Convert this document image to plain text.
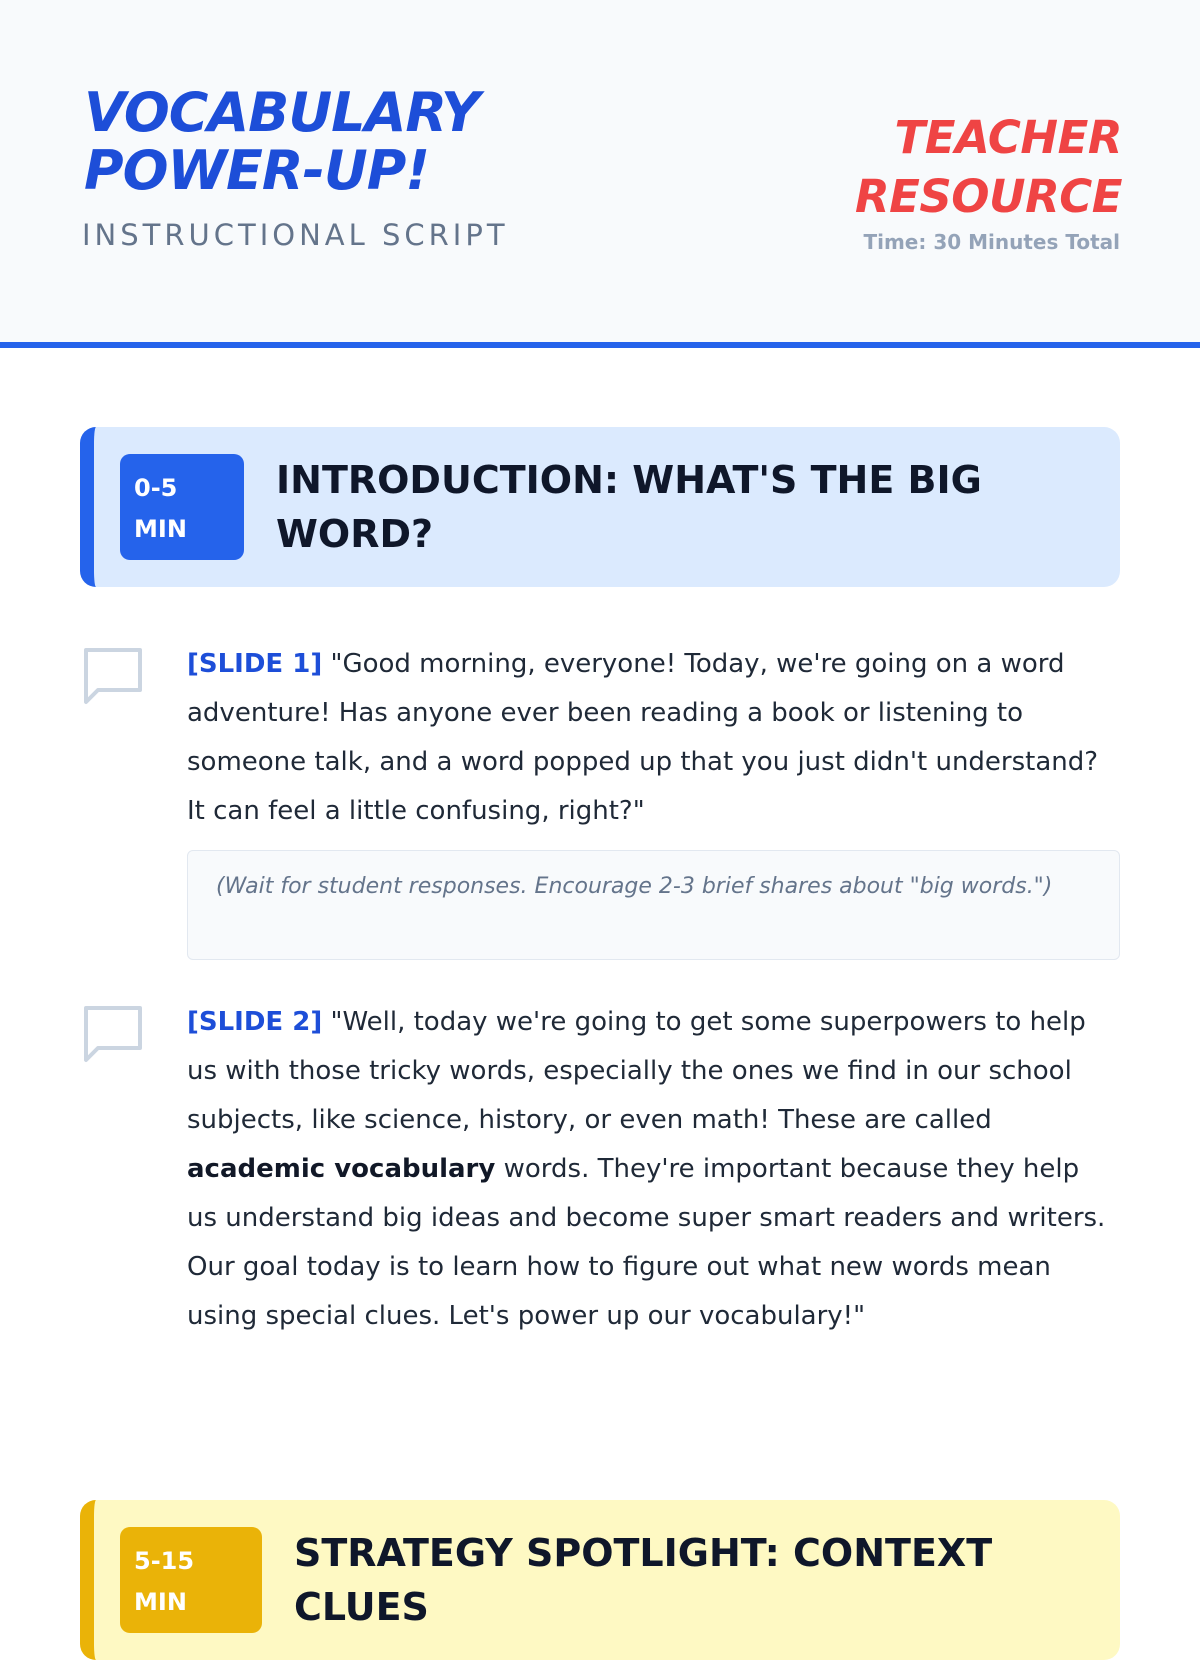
VOCABULARY POWER-UP!
INSTRUCTIONAL SCRIPT
TEACHER RESOURCE
Time: 30 Minutes Total
0-5 MIN
INTRODUCTION: WHAT'S THE BIG WORD?
[SLIDE 1] "Good morning, everyone! Today, we're going on a word adventure! Has anyone ever been reading a book or listening to someone talk, and a word popped up that you just didn't understand? It can feel a little confusing, right?"
(Wait for student responses. Encourage 2-3 brief shares about "big words.")
[SLIDE 2] "Well, today we're going to get some superpowers to help us with those tricky words, especially the ones we find in our school subjects, like science, history, or even math! These are called academic vocabulary words. They're important because they help us understand big ideas and become super smart readers and writers. Our goal today is to learn how to figure out what new words mean using special clues. Let's power up our vocabulary!"
5-15 MIN
STRATEGY SPOTLIGHT: CONTEXT CLUES
